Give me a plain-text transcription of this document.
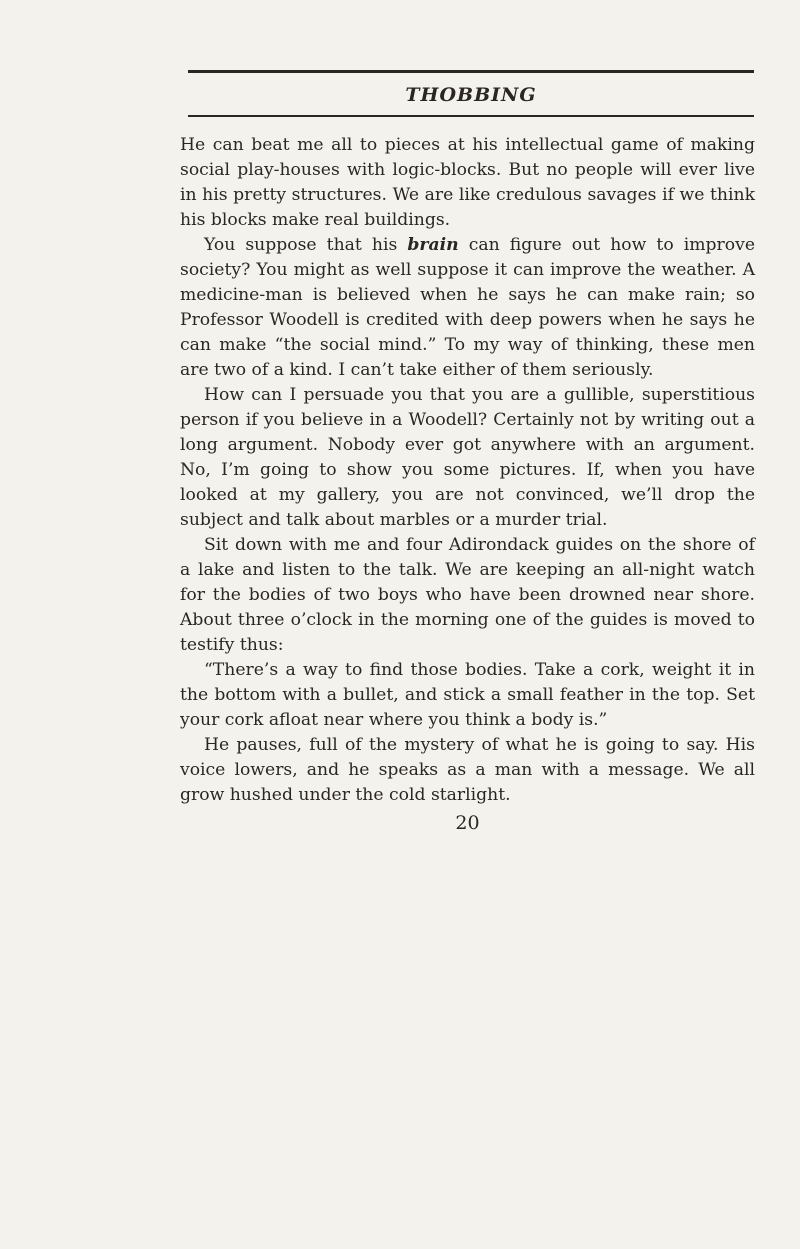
THOBBING

He can beat me all to pieces at his intellectual game of making social play-houses with logic-blocks. But no people will ever live in his pretty structures. We are like credulous savages if we think his blocks make real buildings.

You suppose that his brain can figure out how to improve society? You might as well suppose it can improve the weather. A medicine-man is believed when he says he can make rain; so Professor Woodell is credited with deep powers when he says he can make “the social mind.” To my way of thinking, these men are two of a kind. I can’t take either of them seriously.

How can I persuade you that you are a gullible, superstitious person if you believe in a Woodell? Certainly not by writing out a long argument. Nobody ever got anywhere with an argument. No, I’m going to show you some pictures. If, when you have looked at my gallery, you are not convinced, we’ll drop the subject and talk about marbles or a murder trial.

Sit down with me and four Adirondack guides on the shore of a lake and listen to the talk. We are keeping an all-night watch for the bodies of two boys who have been drowned near shore. About three o’clock in the morning one of the guides is moved to testify thus:

“There’s a way to find those bodies. Take a cork, weight it in the bottom with a bullet, and stick a small feather in the top. Set your cork afloat near where you think a body is.”

He pauses, full of the mystery of what he is going to say. His voice lowers, and he speaks as a man with a message. We all grow hushed under the cold starlight.

20
